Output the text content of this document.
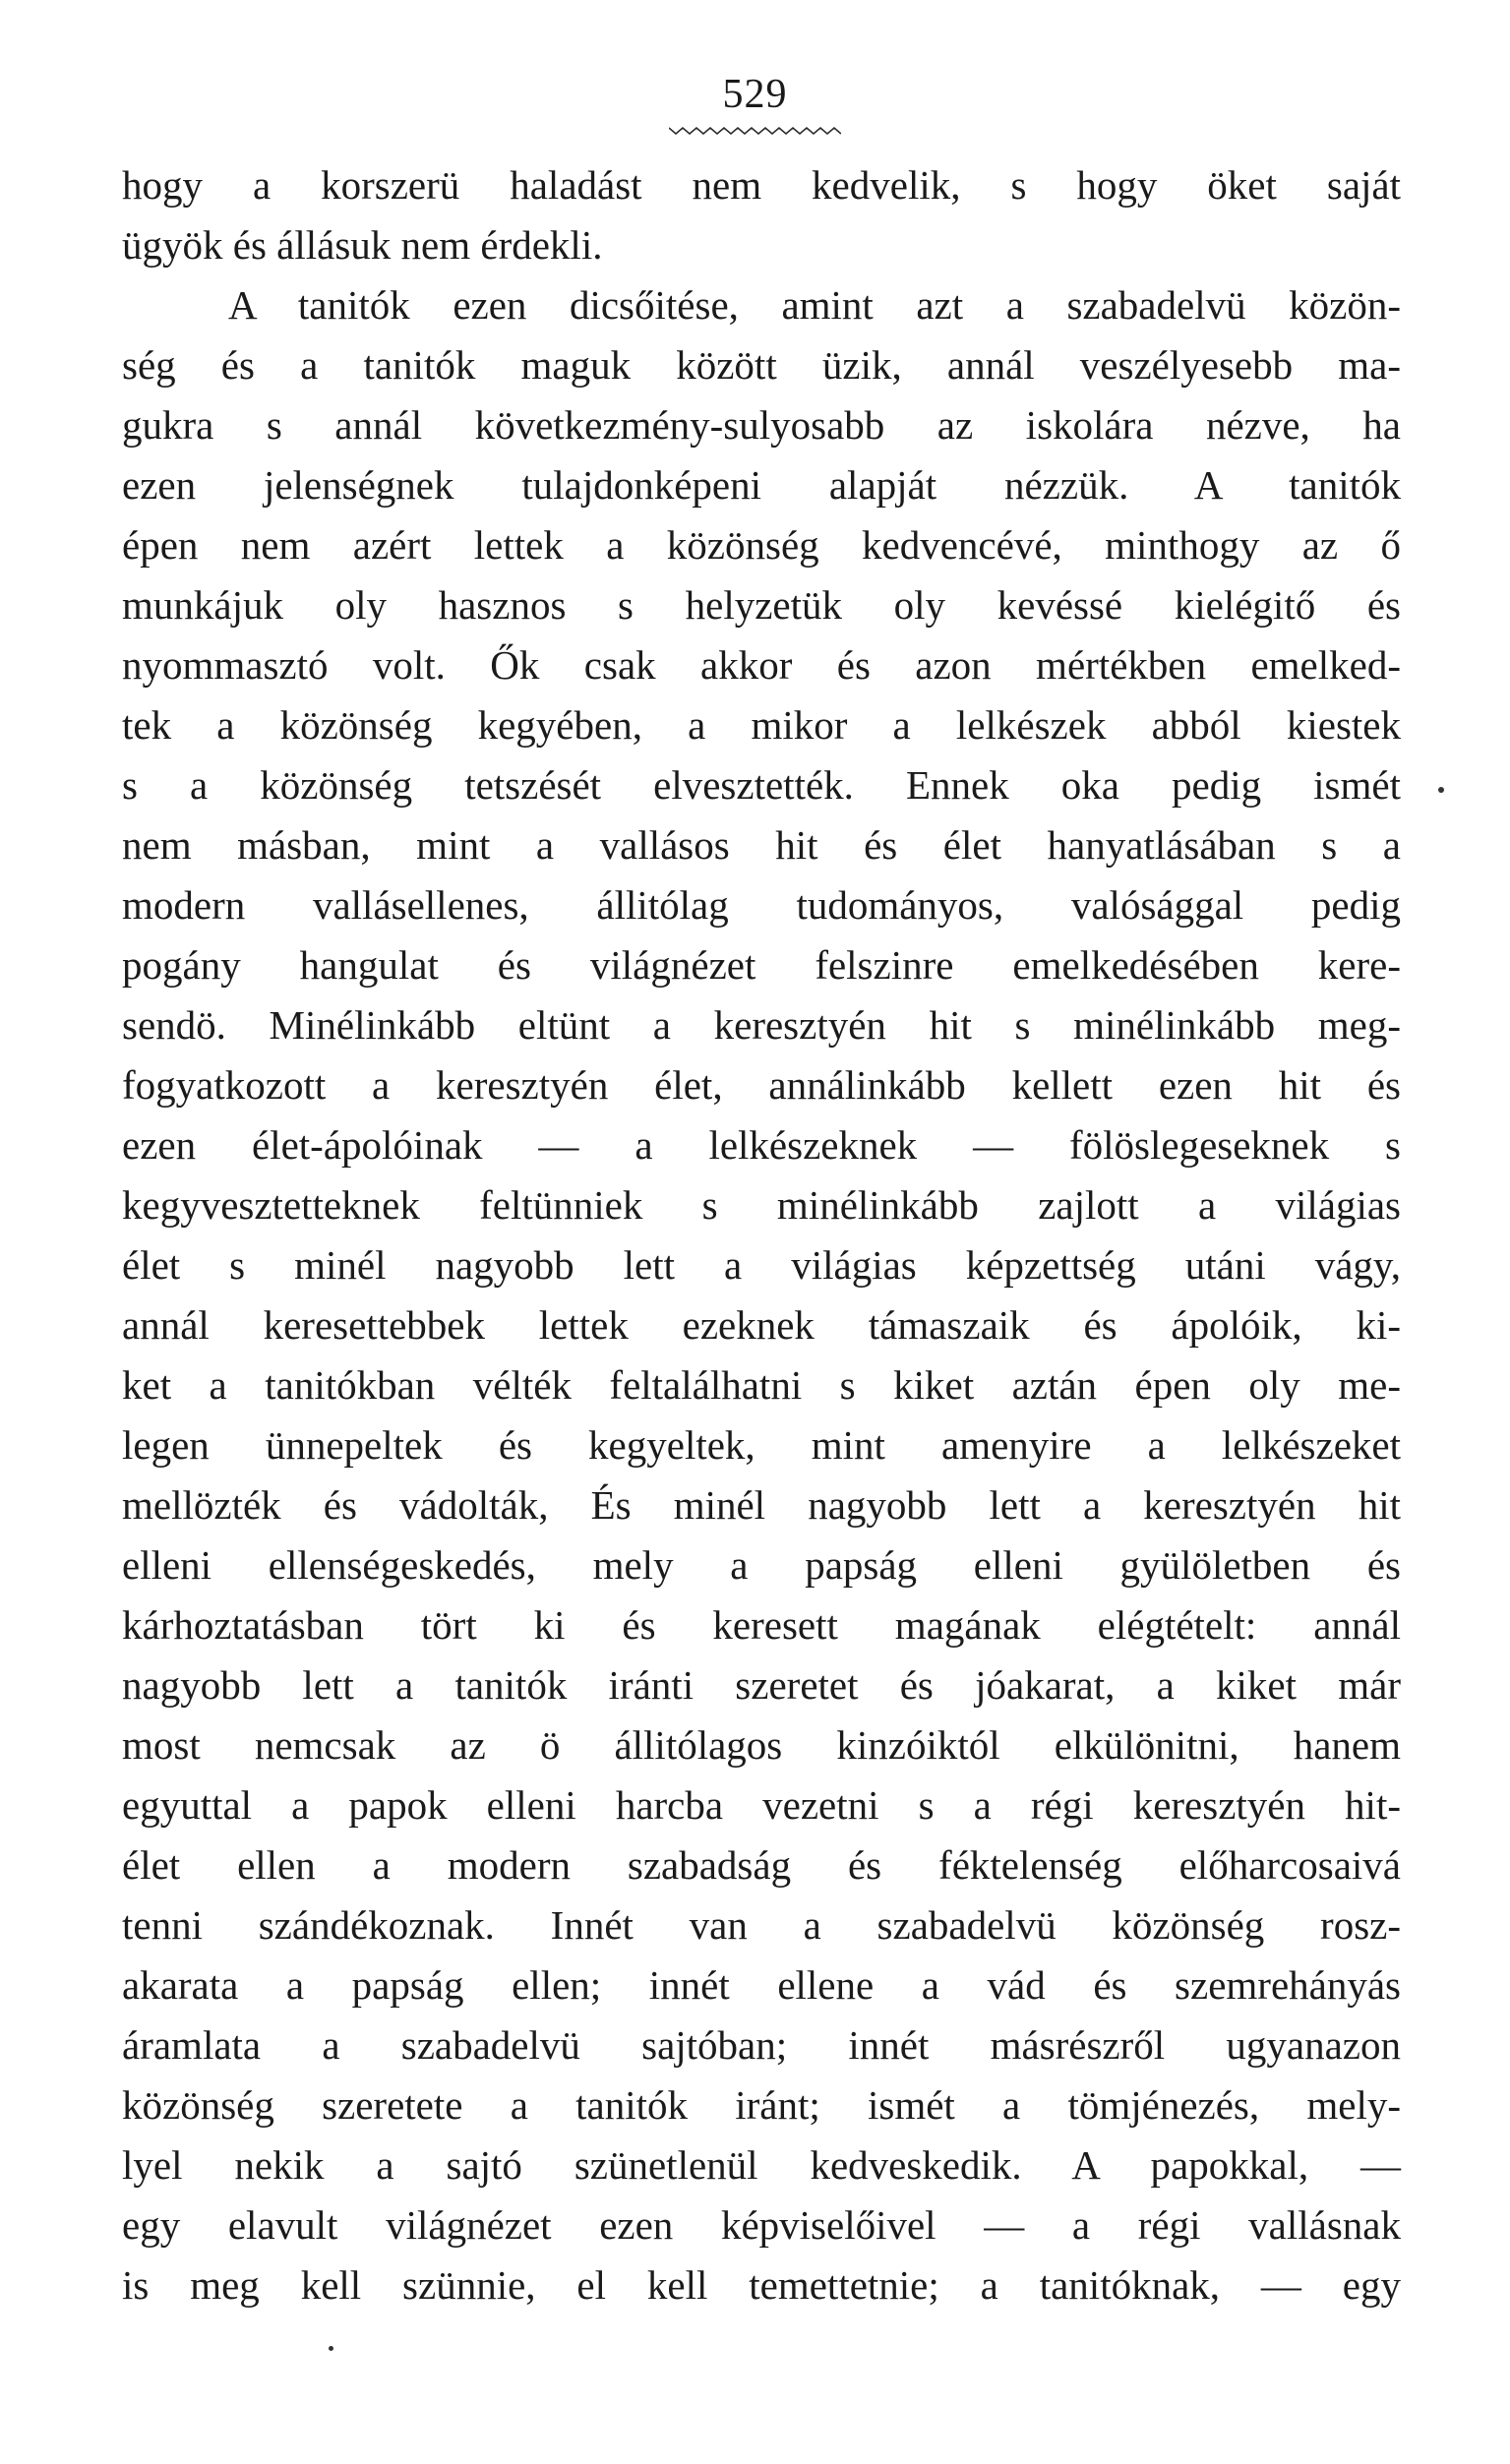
529
hogy a korszerü haladást nem kedvelik, s hogy öket saját
ügyök és állásuk nem érdekli.
A tanitók ezen dicsőitése, amint azt a szabadelvü közön-
ség és a tanitók maguk között üzik, annál veszélyesebb ma-
gukra s annál következmény-sulyosabb az iskolára nézve, ha
ezen jelenségnek tulajdonképeni alapját nézzük. A tanitók
épen nem azért lettek a közönség kedvencévé, minthogy az ő
munkájuk oly hasznos s helyzetük oly kevéssé kielégitő és
nyommasztó volt. Ők csak akkor és azon mértékben emelked-
tek a közönség kegyében, a mikor a lelkészek abból kiestek
s a közönség tetszését elvesztették. Ennek oka pedig ismét
nem másban, mint a vallásos hit és élet hanyatlásában s a
modern vallásellenes, állitólag tudományos, valósággal pedig
pogány hangulat és világnézet felszinre emelkedésében kere-
sendö. Minélinkább eltünt a keresztyén hit s minélinkább meg-
fogyatkozott a keresztyén élet, annálinkább kellett ezen hit és
ezen élet-ápolóinak — a lelkészeknek — fölöslegeseknek s
kegyvesztetteknek feltünniek s minélinkább zajlott a világias
élet s minél nagyobb lett a világias képzettség utáni vágy,
annál keresettebbek lettek ezeknek támaszaik és ápolóik, ki-
ket a tanitókban vélték feltalálhatni s kiket aztán épen oly me-
legen ünnepeltek és kegyeltek, mint amenyire a lelkészeket
mellözték és vádolták, És minél nagyobb lett a keresztyén hit
elleni ellenségeskedés, mely a papság elleni gyülöletben és
kárhoztatásban tört ki és keresett magának elégtételt: annál
nagyobb lett a tanitók iránti szeretet és jóakarat, a kiket már
most nemcsak az ö állitólagos kinzóiktól elkülönitni, hanem
egyuttal a papok elleni harcba vezetni s a régi keresztyén hit-
élet ellen a modern szabadság és féktelenség előharcosaivá
tenni szándékoznak. Innét van a szabadelvü közönség rosz-
akarata a papság ellen; innét ellene a vád és szemrehányás
áramlata a szabadelvü sajtóban; innét másrészről ugyanazon
közönség szeretete a tanitók iránt; ismét a tömjénezés, mely-
lyel nekik a sajtó szünetlenül kedveskedik. A papokkal, —
egy elavult világnézet ezen képviselőivel — a régi vallásnak
is meg kell szünnie, el kell temettetnie; a tanitóknak, — egy
